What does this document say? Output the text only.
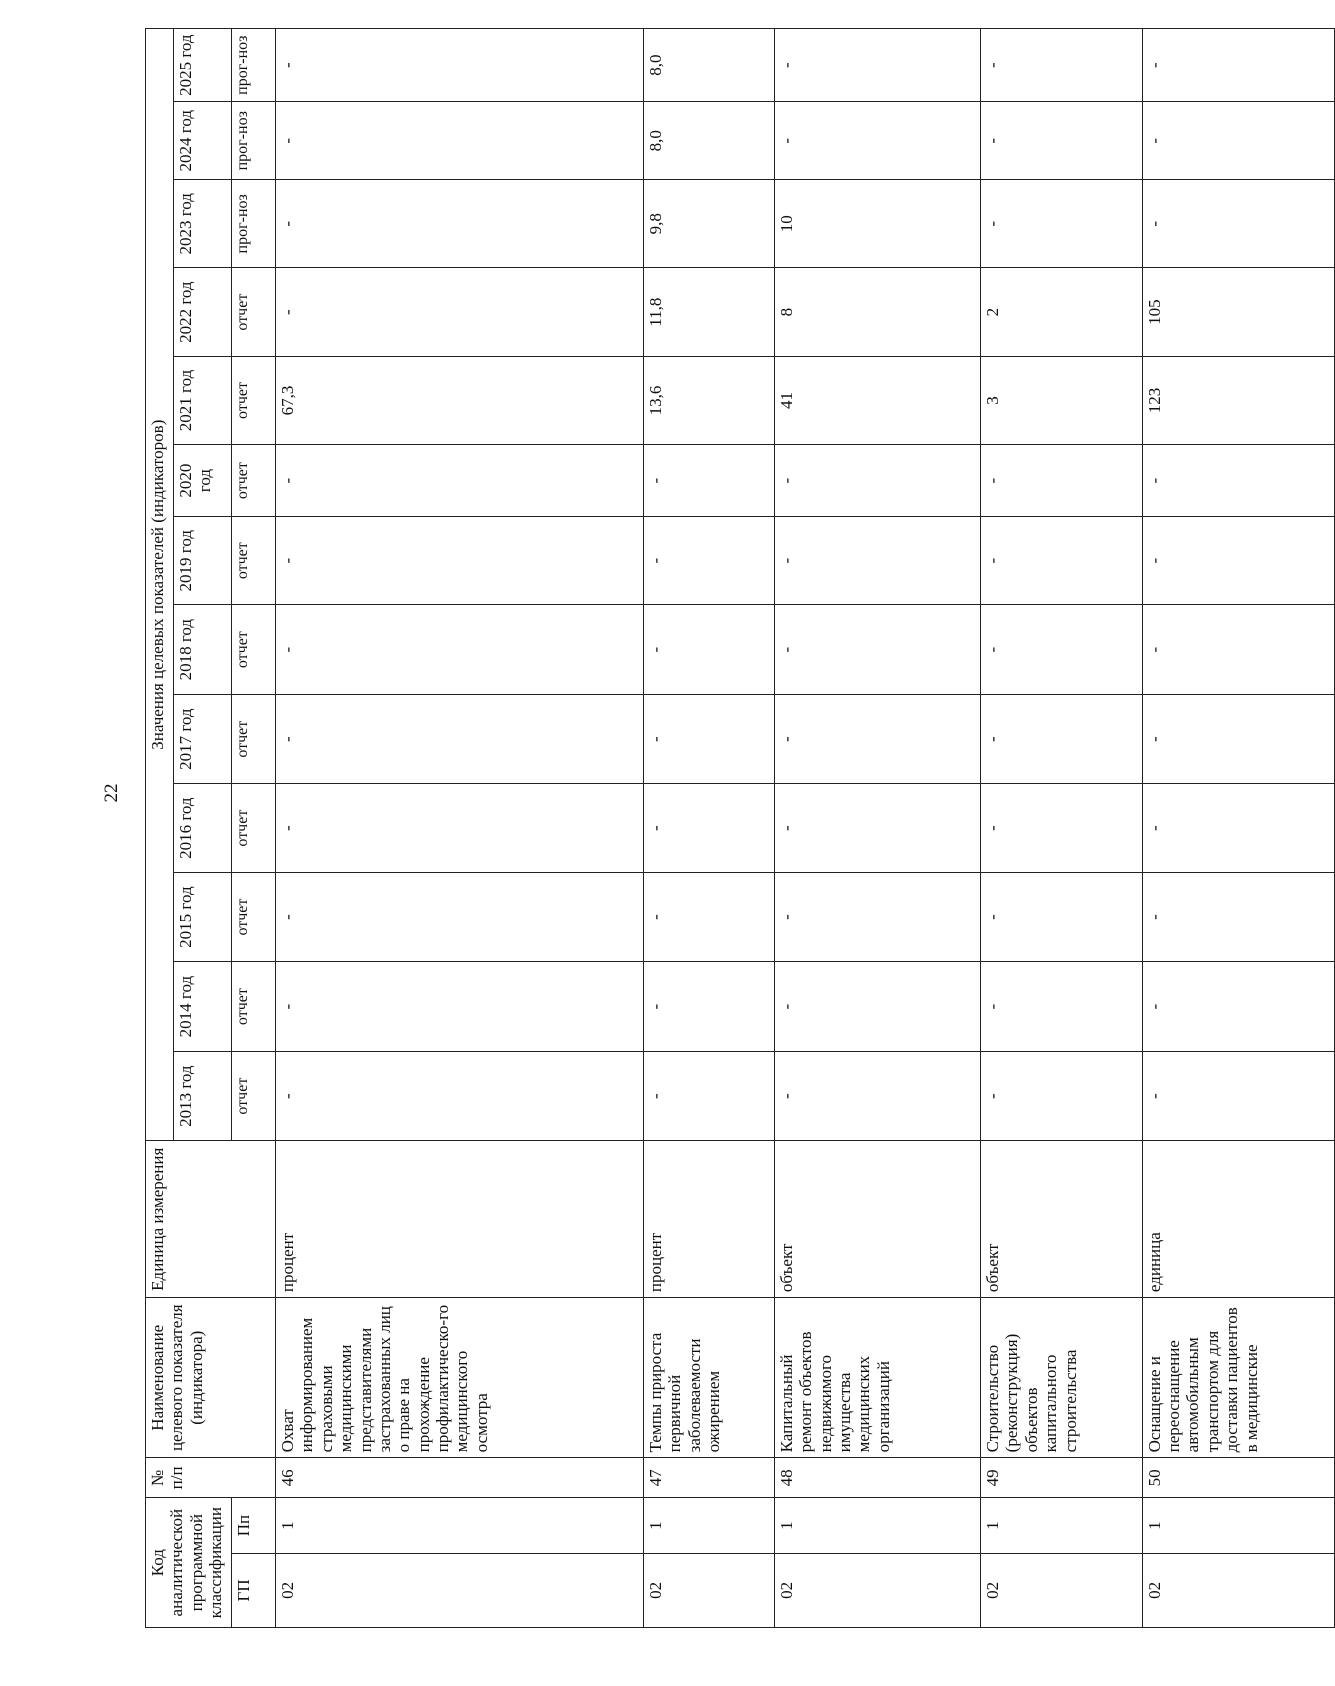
22
Код аналитической программной классификации		№ п/п	Наименование целевого показателя (индикатора)	Единица измерения	Значения целевых показателей (индикаторов)												
					2013 год	2014 год	2015 год	2016 год	2017 год	2018 год	2019 год	2020 год	2021 год	2022 год	2023 год	2024 год	2025 год
ГП	Пп				отчет	отчет	отчет	отчет	отчет	отчет	отчет	отчет	отчет	отчет	прог-ноз	прог-ноз	прог-ноз
02	1	46	Охват информированием страховыми медицинскими представителями застрахованных лиц о праве на прохождение профилактическо-го медицинского осмотра	процент	-	-	-	-	-	-	-	-	67,3	-	-	-	-
02	1	47	Темпы прироста первичной заболеваемости ожирением	процент	-	-	-	-	-	-	-	-	13,6	11,8	9,8	8,0	8,0
02	1	48	Капитальный ремонт объектов недвижимого имущества медицинских организаций	объект	-	-	-	-	-	-	-	-	41	8	10	-	-
02	1	49	Строительство (реконструкция) объектов капитального строительства	объект	-	-	-	-	-	-	-	-	3	2	-	-	-
02	1	50	Оснащение и переоснащение автомобильным транспортом для доставки пациентов в медицинские	единица	-	-	-	-	-	-	-	-	123	105	-	-	-
